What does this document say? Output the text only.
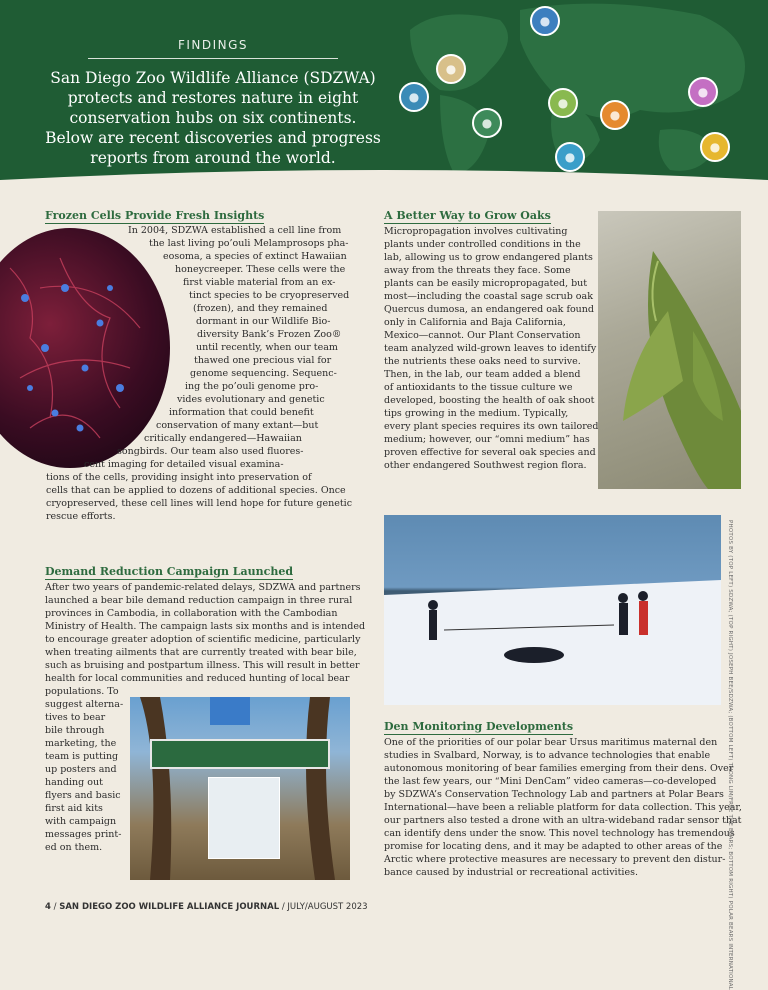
FINDINGS
San Diego Zoo Wildlife Alliance (SDZWA)
protects and restores nature in eight
conservation hubs on six continents.
Below are recent discoveries and progress
reports from around the world.
●
●
●
●
●
●
●
●
●
Frozen Cells Provide Fresh Insights

In 2004, SDZWA established a cell line from
the last living po’ouli Melamprosops pha-
eosoma, a species of extinct Hawaiian
honeycreeper. These cells were the
first viable material from an ex-
tinct species to be cryopreserved
(frozen), and they remained
dormant in our Wildlife Bio-
diversity Bank’s Frozen Zoo®
until recently, when our team
thawed one precious vial for
genome sequencing. Sequenc-
ing the po’ouli genome pro-
vides evolutionary and genetic
information that could benefit
conservation of many extant—but
critically endangered—Hawaiian
songbirds. Our team also used fluores-
cent imaging for detailed visual examina-
tions of the cells, providing insight into preservation of
cells that can be applied to dozens of additional species. Once
cryopreserved, these cell lines will lend hope for future genetic
rescue efforts.

A Better Way to Grow Oaks

Micropropagation involves cultivating
plants under controlled conditions in the
lab, allowing us to grow endangered plants
away from the threats they face. Some
plants can be easily micropropagated, but
most—including the coastal sage scrub oak
Quercus dumosa, an endangered oak found
only in California and Baja California,
Mexico—cannot. Our Plant Conservation
team analyzed wild-grown leaves to identify
the nutrients these oaks need to survive.
Then, in the lab, our team added a blend
of antioxidants to the tissue culture we
developed, boosting the health of oak shoot
tips growing in the medium. Typically,
every plant species requires its own tailored
medium; however, our “omni medium” has
proven effective for several oak species and
other endangered Southwest region flora.

Demand Reduction Campaign Launched

After two years of pandemic-related delays, SDZWA and partners
launched a bear bile demand reduction campaign in three rural
provinces in Cambodia, in collaboration with the Cambodian
Ministry of Health. The campaign lasts six months and is intended
to encourage greater adoption of scientific medicine, particularly
when treating ailments that are currently treated with bear bile,
such as bruising and postpartum illness. This will result in better
health for local communities and reduced hunting of local bear
populations. To
suggest alterna-
tives to bear
bile through
marketing, the
team is putting
up posters and
handing out
flyers and basic
first aid kits
with campaign
messages print-
ed on them.

Den Monitoring Developments

One of the priorities of our polar bear Ursus maritimus maternal den
studies in Svalbard, Norway, is to advance technologies that enable
autonomous monitoring of bear families emerging from their dens. Over
the last few years, our “Mini DenCam” video cameras—co-developed
by SDZWA’s Conservation Technology Lab and partners at Polar Bears
International—have been a reliable platform for data collection. This year,
our partners also tested a drone with an ultra-wideband radar sensor that
can identify dens under the snow. This novel technology has tremendous
promise for locating dens, and it may be adapted to other areas of the
Arctic where protective measures are necessary to prevent den distur-
bance caused by industrial or recreational activities.	PHOTOS BY (TOP LEFT) SDZWA; (TOP RIGHT) JOSEPH BEE/SDZWA; (BOTTOM LEFT) THONG LIM/FREE THE BEARS; BOTTOM RIGHT) POLAR BEARS INTERNATIONAL
4 / SAN DIEGO ZOO WILDLIFE ALLIANCE JOURNAL / JULY/AUGUST 2023
